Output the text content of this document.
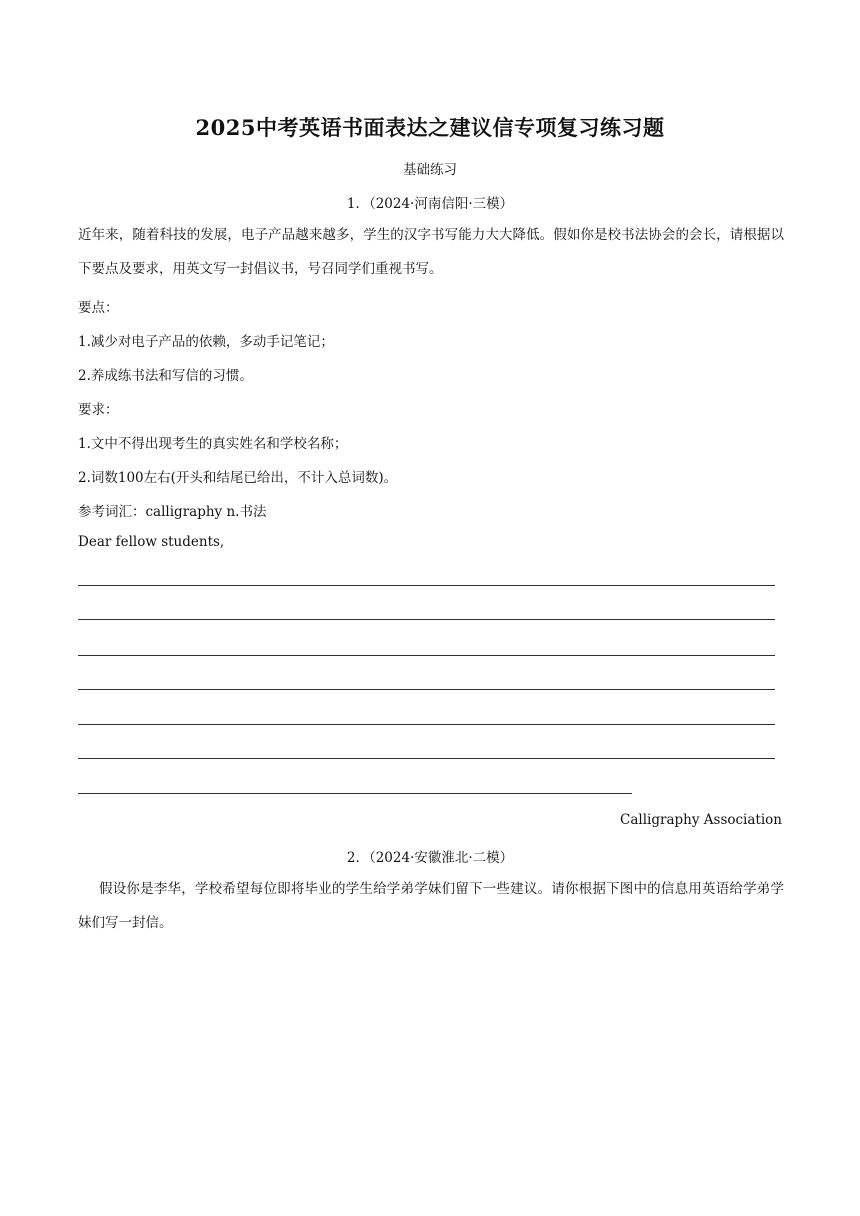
2025中考英语书面表达之建议信专项复习练习题
基础练习
1．（2024·河南信阳·三模）
近年来，随着科技的发展，电子产品越来越多，学生的汉字书写能力大大降低。假如你是校书法协会的会长，请根据以下要点及要求，用英文写一封倡议书，号召同学们重视书写。
要点：
1.减少对电子产品的依赖，多动手记笔记；
2.养成练书法和写信的习惯。
要求：
1.文中不得出现考生的真实姓名和学校名称；
2.词数100左右(开头和结尾已给出，不计入总词数)。
参考词汇：calligraphy n.书法
Dear fellow students,
Calligraphy Association
2．（2024·安徽淮北·二模）
假设你是李华，学校希望每位即将毕业的学生给学弟学妹们留下一些建议。请你根据下图中的信息用英语给学弟学妹们写一封信。
